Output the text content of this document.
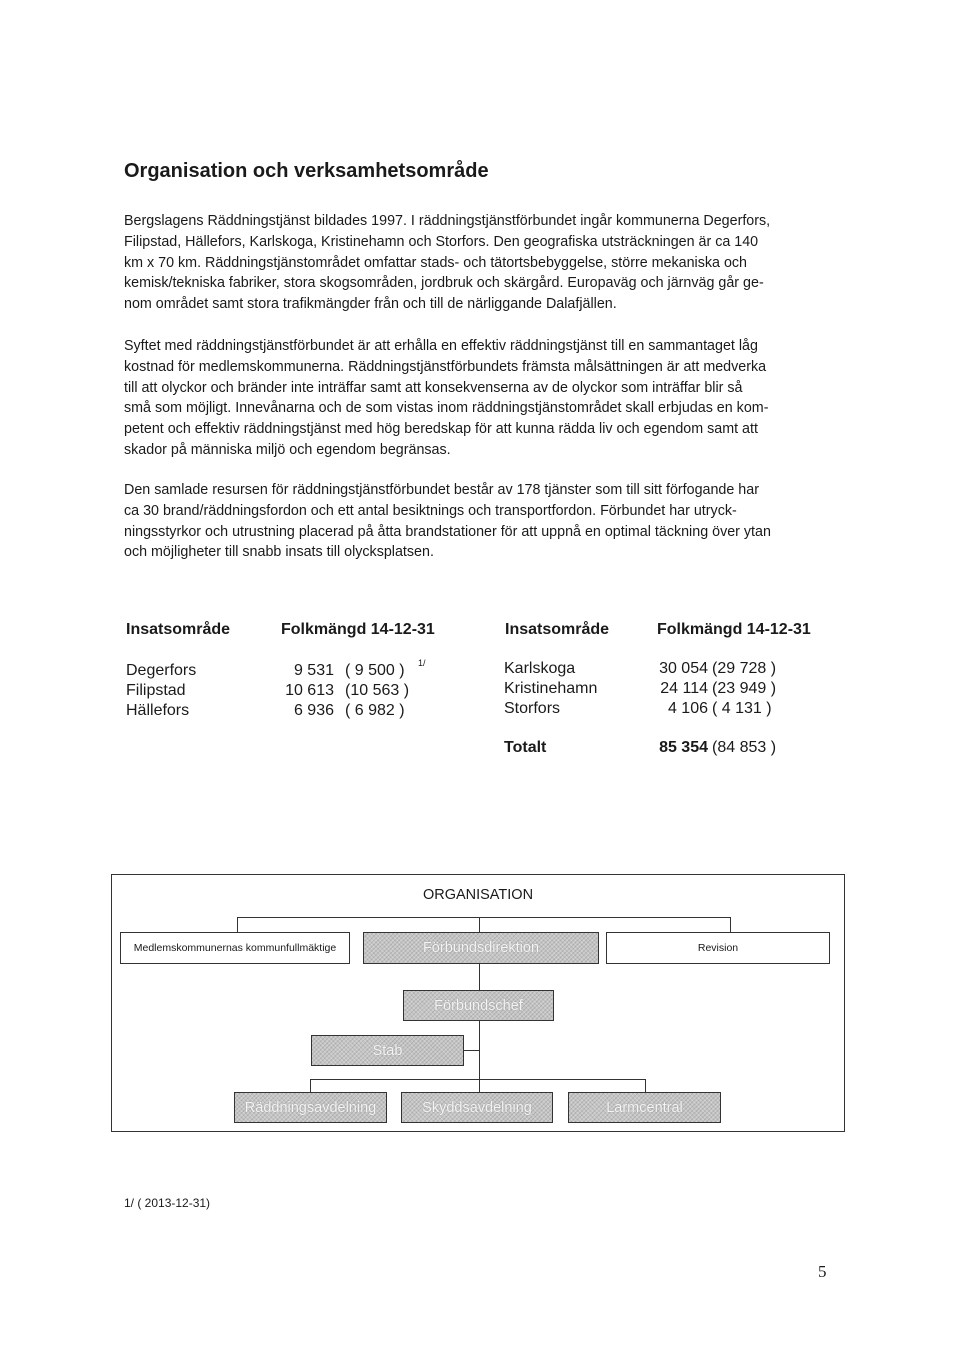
Organisation och verksamhetsområde
Bergslagens Räddningstjänst bildades 1997. I räddningstjänstförbundet ingår kommunerna Degerfors,
Filipstad, Hällefors, Karlskoga, Kristinehamn och Storfors. Den geografiska utsträckningen är ca 140
km x 70 km. Räddningstjänstområdet omfattar stads- och tätortsbebyggelse, större mekaniska och
kemisk/tekniska fabriker, stora skogsområden, jordbruk och skärgård. Europaväg och järnväg går ge-
nom området samt stora trafikmängder från och till de närliggande Dalafjällen.
Syftet med räddningstjänstförbundet är att erhålla en effektiv räddningstjänst till en sammantaget låg
kostnad för medlemskommunerna. Räddningstjänstförbundets främsta målsättningen är att medverka
till att olyckor och bränder inte inträffar samt att konsekvenserna av de olyckor som inträffar blir så
små som möjligt. Innevånarna och de som vistas inom räddningstjänstområdet skall erbjudas en kom-
petent och effektiv räddningstjänst med hög beredskap för att kunna rädda liv och egendom samt att
skador på människa miljö och egendom begränsas.
Den samlade resursen för räddningstjänstförbundet består av 178 tjänster som till sitt förfogande har
ca 30 brand/räddningsfordon och ett antal besiktnings och transportfordon. Förbundet har utryck-
ningsstyrkor och utrustning placerad på åtta brandstationer för att uppnå en optimal täckning över ytan
och möjligheter till snabb insats till olycksplatsen.
Insatsområde	Folkmängd 14-12-31	Insatsområde	Folkmängd 14-12-31
Degerfors	9 531 ( 9 500 ) 1/
Filipstad	10 613 (10 563 )
Hällefors	6 936 ( 6 982 )
Karlskoga	30 054 (29 728 )
Kristinehamn	24 114 (23 949 )
Storfors	4 106 ( 4 131 )
Totalt	85 354 (84 853 )
ORGANISATION
Medlemskommunernas kommunfullmäktige	Förbundsdirektion	Revision
Förbundschef
Stab
Räddningsavdelning	Skyddsavdelning	Larmcentral
1/ ( 2013-12-31)
5
